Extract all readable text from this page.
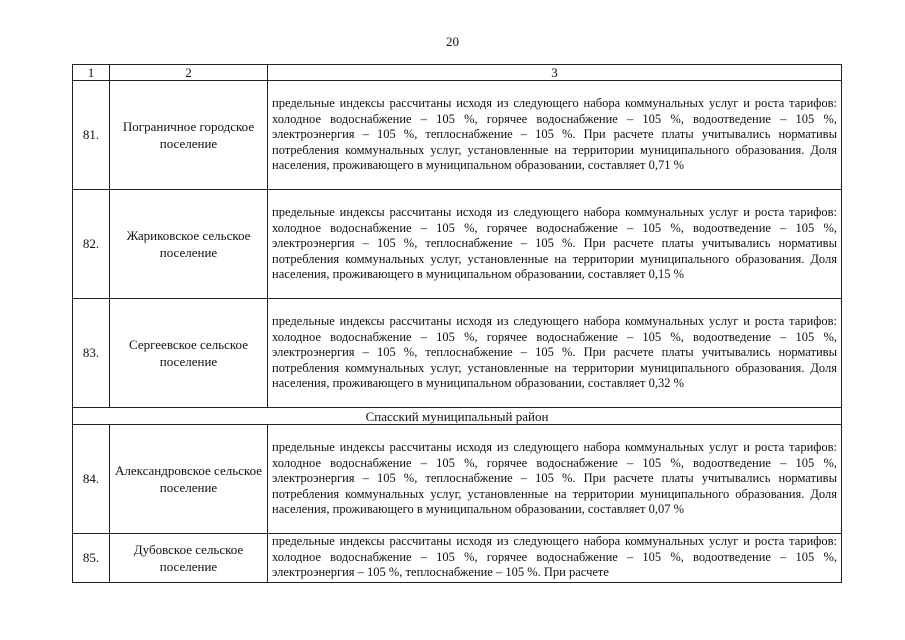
20
1	2	3
81.	Пограничное городское поселение	предельные индексы рассчитаны исходя из следующего набора коммунальных услуг и роста тарифов: холодное водоснабжение – 105 %, горячее водоснабжение – 105 %, водоотведение – 105 %, электроэнергия – 105 %, теплоснабжение – 105 %. При расчете платы учитывались нормативы потребления коммунальных услуг, установленные на территории муниципального образования. Доля населения, проживающего в муниципальном образовании, составляет 0,71 %
82.	Жариковское сельское поселение	предельные индексы рассчитаны исходя из следующего набора коммунальных услуг и роста тарифов: холодное водоснабжение – 105 %, горячее водоснабжение – 105 %, водоотведение – 105 %, электроэнергия – 105 %, теплоснабжение – 105 %. При расчете платы учитывались нормативы потребления коммунальных услуг, установленные на территории муниципального образования. Доля населения, проживающего в муниципальном образовании, составляет 0,15 %
83.	Сергеевское сельское поселение	предельные индексы рассчитаны исходя из следующего набора коммунальных услуг и роста тарифов: холодное водоснабжение – 105 %, горячее водоснабжение – 105 %, водоотведение – 105 %, электроэнергия – 105 %, теплоснабжение – 105 %. При расчете платы учитывались нормативы потребления коммунальных услуг, установленные на территории муниципального образования. Доля населения, проживающего в муниципальном образовании, составляет 0,32 %
Спасский муниципальный район		
84.	Александровское сельское поселение	предельные индексы рассчитаны исходя из следующего набора коммунальных услуг и роста тарифов: холодное водоснабжение – 105 %, горячее водоснабжение – 105 %, водоотведение – 105 %, электроэнергия – 105 %, теплоснабжение – 105 %. При расчете платы учитывались нормативы потребления коммунальных услуг, установленные на территории муниципального образования. Доля населения, проживающего в муниципальном образовании, составляет 0,07 %
85.	Дубовское сельское поселение	предельные индексы рассчитаны исходя из следующего набора коммунальных услуг и роста тарифов: холодное водоснабжение – 105 %, горячее водоснабжение – 105 %, водоотведение – 105 %, электроэнергия – 105 %, теплоснабжение – 105 %. При расчете
